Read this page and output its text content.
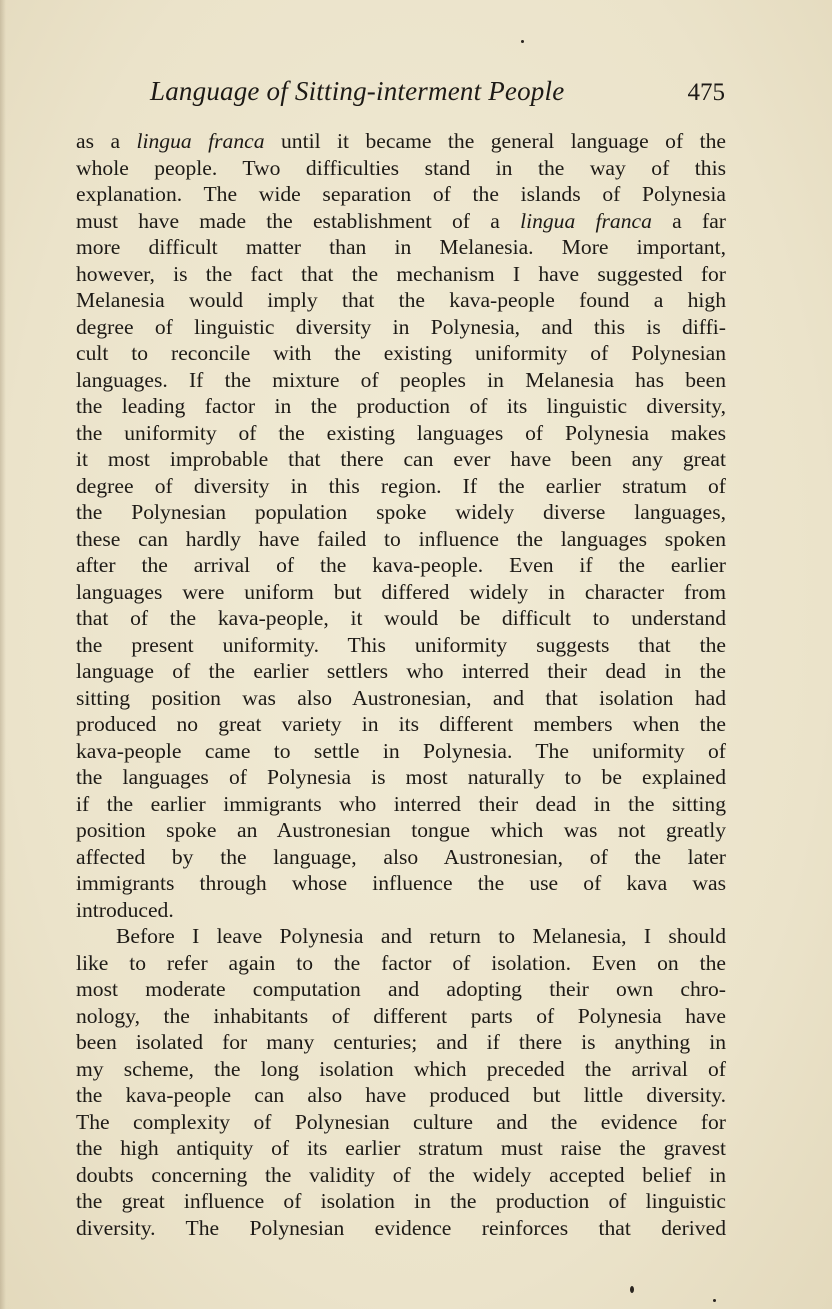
Language of Sitting-interment People	475
as a lingua franca until it became the general language of the
whole people. Two difficulties stand in the way of this
explanation. The wide separation of the islands of Polynesia
must have made the establishment of a lingua franca a far
more difficult matter than in Melanesia. More important,
however, is the fact that the mechanism I have suggested for
Melanesia would imply that the kava-people found a high
degree of linguistic diversity in Polynesia, and this is diffi-
cult to reconcile with the existing uniformity of Polynesian
languages. If the mixture of peoples in Melanesia has been
the leading factor in the production of its linguistic diversity,
the uniformity of the existing languages of Polynesia makes
it most improbable that there can ever have been any great
degree of diversity in this region. If the earlier stratum of
the Polynesian population spoke widely diverse languages,
these can hardly have failed to influence the languages spoken
after the arrival of the kava-people. Even if the earlier
languages were uniform but differed widely in character from
that of the kava-people, it would be difficult to understand
the present uniformity. This uniformity suggests that the
language of the earlier settlers who interred their dead in the
sitting position was also Austronesian, and that isolation had
produced no great variety in its different members when the
kava-people came to settle in Polynesia. The uniformity of
the languages of Polynesia is most naturally to be explained
if the earlier immigrants who interred their dead in the sitting
position spoke an Austronesian tongue which was not greatly
affected by the language, also Austronesian, of the later
immigrants through whose influence the use of kava was
introduced.
Before I leave Polynesia and return to Melanesia, I should
like to refer again to the factor of isolation. Even on the
most moderate computation and adopting their own chro-
nology, the inhabitants of different parts of Polynesia have
been isolated for many centuries; and if there is anything in
my scheme, the long isolation which preceded the arrival of
the kava-people can also have produced but little diversity.
The complexity of Polynesian culture and the evidence for
the high antiquity of its earlier stratum must raise the gravest
doubts concerning the validity of the widely accepted belief in
the great influence of isolation in the production of linguistic
diversity. The Polynesian evidence reinforces that derived
